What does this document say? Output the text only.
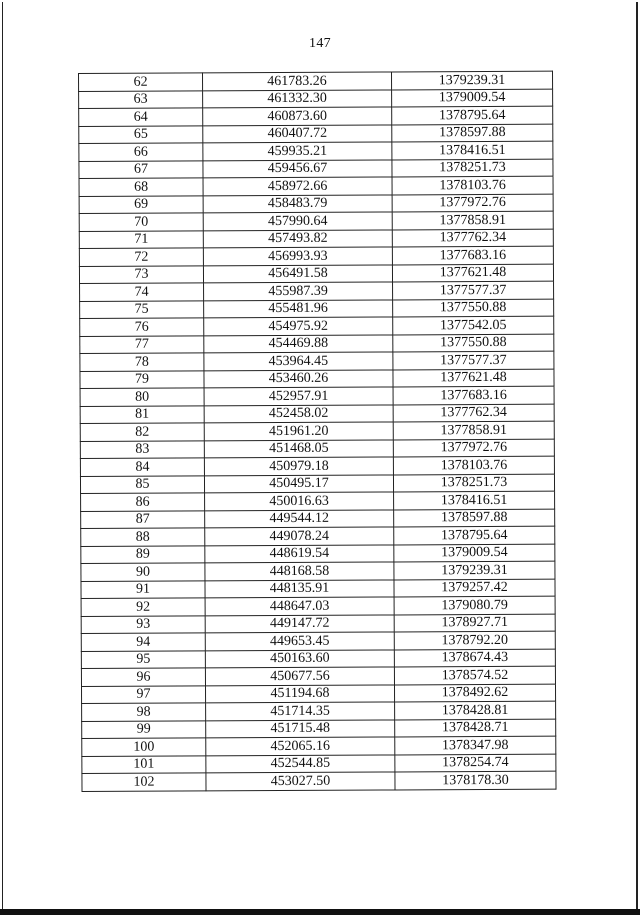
147
62	461783.26	1379239.31
63	461332.30	1379009.54
64	460873.60	1378795.64
65	460407.72	1378597.88
66	459935.21	1378416.51
67	459456.67	1378251.73
68	458972.66	1378103.76
69	458483.79	1377972.76
70	457990.64	1377858.91
71	457493.82	1377762.34
72	456993.93	1377683.16
73	456491.58	1377621.48
74	455987.39	1377577.37
75	455481.96	1377550.88
76	454975.92	1377542.05
77	454469.88	1377550.88
78	453964.45	1377577.37
79	453460.26	1377621.48
80	452957.91	1377683.16
81	452458.02	1377762.34
82	451961.20	1377858.91
83	451468.05	1377972.76
84	450979.18	1378103.76
85	450495.17	1378251.73
86	450016.63	1378416.51
87	449544.12	1378597.88
88	449078.24	1378795.64
89	448619.54	1379009.54
90	448168.58	1379239.31
91	448135.91	1379257.42
92	448647.03	1379080.79
93	449147.72	1378927.71
94	449653.45	1378792.20
95	450163.60	1378674.43
96	450677.56	1378574.52
97	451194.68	1378492.62
98	451714.35	1378428.81
99	451715.48	1378428.71
100	452065.16	1378347.98
101	452544.85	1378254.74
102	453027.50	1378178.30
